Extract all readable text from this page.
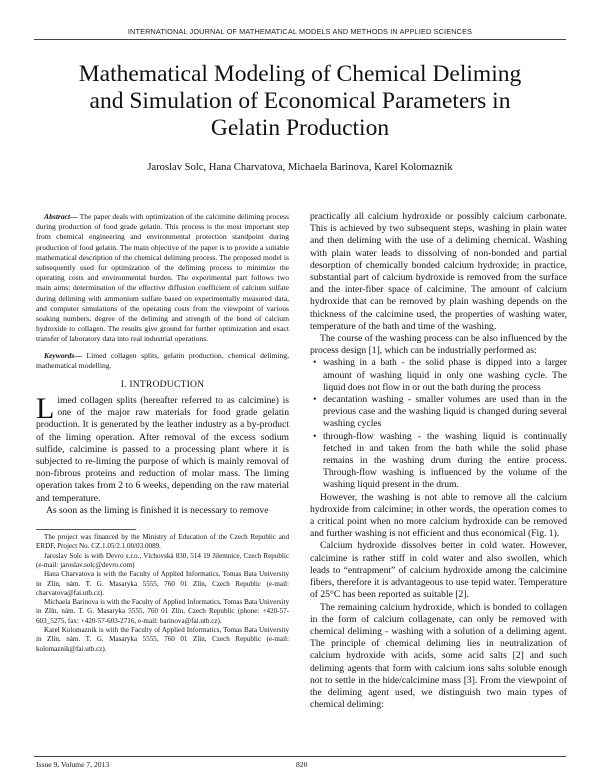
INTERNATIONAL JOURNAL OF MATHEMATICAL MODELS AND METHODS IN APPLIED SCIENCES
Mathematical Modeling of Chemical Deliming
and Simulation of Economical Parameters in
Gelatin Production
Jaroslav Solc, Hana Charvatova, Michaela Barinova, Karel Kolomaznik

Abstract— The paper deals with optimization of the calcimine deliming process during production of food grade gelatin. This process is the most important step from chemical engineering and environmental protection standpoint during production of food gelatin. The main objective of the paper is to provide a suitable mathematical description of the chemical deliming process. The proposed model is subsequently used for optimization of the deliming process to minimize the operating costs and environmental burden. The experimental part follows two main aims: determination of the effective diffusion coefficient of calcium sulfate during deliming with ammonium sulfate based on experimentally measured data, and computer simulations of the operating costs from the viewpoint of various soaking numbers, degree of the deliming and strength of the bond of calcium hydroxide to collagen. The results give ground for further optimization and exact transfer of laboratory data into real industrial operations.

Keywords— Limed collagen splits, gelatin production, chemical deliming, mathematical modelling.

I. INTRODUCTION

Limed collagen splits (hereafter referred to as calcimine) is one of the major raw materials for food grade gelatin production. It is generated by the leather industry as a by-product of the liming operation. After removal of the excess sodium sulfide, calcimine is passed to a processing plant where it is subjected to re-liming the purpose of which is mainly removal of non-fibrous proteins and reduction of molar mass. The liming operation takes from 2 to 6 weeks, depending on the raw material and temperature.

As soon as the liming is finished it is necessary to remove

The project was financed by the Ministry of Education of the Czech Republic and ERDF, Project No. CZ.1.05/2.1.00/03.0089.

Jaroslav Solc is with Devro s.r.o., Víchovská 830, 514 19 Jilemnice, Czech Republic (e-mail: jaroslav.solc@devro.com)

Hana Charvatova is with the Faculty of Applied Informatics, Tomas Bata University in Zlín, nám. T. G. Masaryka 5555, 760 01 Zlín, Czech Republic (e-mail: charvatova@fai.utb.cz).

Michaela Barinova is with the Faculty of Applied Informatics, Tomas Bata University in Zlín, nám. T. G. Masaryka 5555, 760 01 Zlín, Czech Republic (phone: +420-57-603_5275, fax: +420-57-603-2716, e-mail: barinova@fai.utb.cz).

Karel Kolomaznik is with the Faculty of Applied Informatics, Tomas Bata University in Zlín, nám. T. G. Masaryka 5555, 760 01 Zlín, Czech Republic (e-mail: kolomaznik@fai.utb.cz).

practically all calcium hydroxide or possibly calcium carbonate. This is achieved by two subsequent steps, washing in plain water and then deliming with the use of a deliming chemical. Washing with plain water leads to dissolving of non-bonded and partial desorption of chemically bonded calcium hydroxide; in practice, substantial part of calcium hydroxide is removed from the surface and the inter-fiber space of calcimine. The amount of calcium hydroxide that can be removed by plain washing depends on the thickness of the calcimine used, the properties of washing water, temperature of the bath and time of the washing.

The course of the washing process can be also influenced by the process design [1], which can be industrially performed as:

• washing in a bath - the solid phase is dipped into a larger amount of washing liquid in only one washing cycle. The liquid does not flow in or out the bath during the process
• decantation washing - smaller volumes are used than in the previous case and the washing liquid is changed during several washing cycles
• through-flow washing - the washing liquid is continually fetched in and taken from the bath while the solid phase remains in the washing drum during the entire process. Through-flow washing is influenced by the volume of the washing liquid present in the drum.

However, the washing is not able to remove all the calcium hydroxide from calcimine; in other words, the operation comes to a critical point when no more calcium hydroxide can be removed and further washing is not efficient and thus economical (Fig. 1).

Calcium hydroxide dissolves better in cold water. However, calcimine is rather stiff in cold water and also swollen, which leads to “entrapment” of calcium hydroxide among the calcimine fibers, therefore it is advantageous to use tepid water. Temperature of 25°C has been reported as suitable [2].

The remaining calcium hydroxide, which is bonded to collagen in the form of calcium collagenate, can only be removed with chemical deliming - washing with a solution of a deliming agent. The principle of chemical deliming lies in neutralization of calcium hydroxide with acids, some acid salts [2] and such deliming agents that form with calcium ions salts soluble enough not to settle in the hide/calcimine mass [3]. From the viewpoint of the deliming agent used, we distinguish two main types of chemical deliming:

Issue 9, Volume 7, 2013	820
